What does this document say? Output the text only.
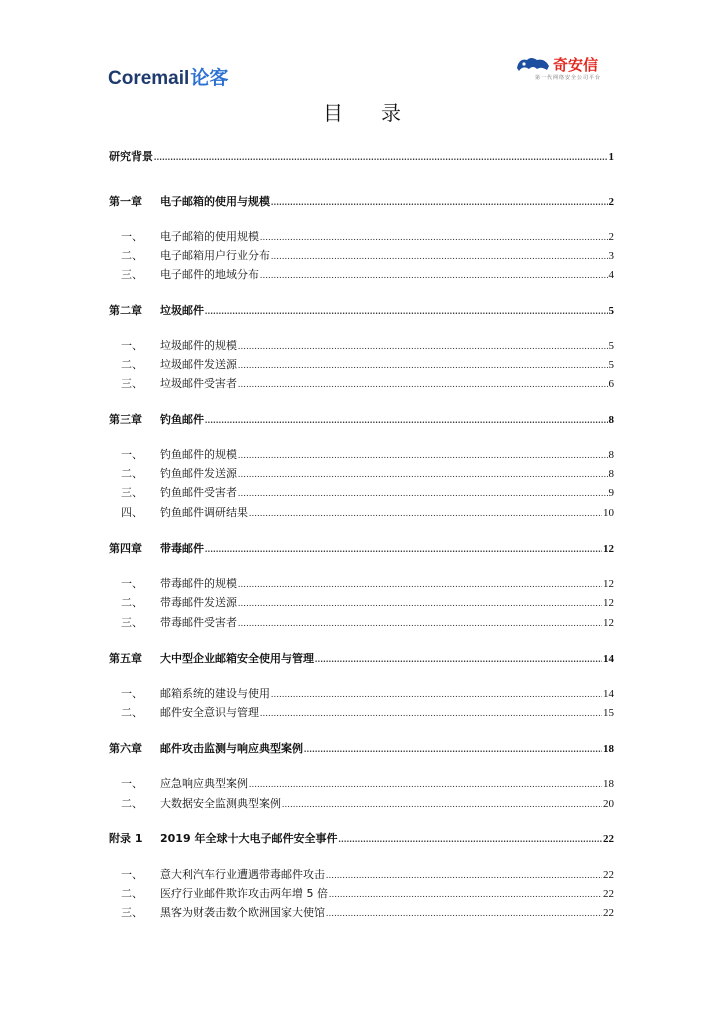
Coremail论客
奇安信
第一代网络安全公司平台
目录
研究背景 .....	1
第一章	电子邮箱的使用与规模 .....	2
一、	电子邮箱的使用规模 .....	2
二、	电子邮箱用户行业分布 .....	3
三、	电子邮件的地域分布 .....	4
第二章	垃圾邮件 .....	5
一、	垃圾邮件的规模 .....	5
二、	垃圾邮件发送源 .....	5
三、	垃圾邮件受害者 .....	6
第三章	钓鱼邮件 .....	8
一、	钓鱼邮件的规模 .....	8
二、	钓鱼邮件发送源 .....	8
三、	钓鱼邮件受害者 .....	9
四、	钓鱼邮件调研结果 .....	10
第四章	带毒邮件 .....	12
一、	带毒邮件的规模 .....	12
二、	带毒邮件发送源 .....	12
三、	带毒邮件受害者 .....	12
第五章	大中型企业邮箱安全使用与管理 .....	14
一、	邮箱系统的建设与使用 .....	14
二、	邮件安全意识与管理 .....	15
第六章	邮件攻击监测与响应典型案例 .....	18
一、	应急响应典型案例 .....	18
二、	大数据安全监测典型案例 .....	20
附录 1	2019 年全球十大电子邮件安全事件 .....	22
一、	意大利汽车行业遭遇带毒邮件攻击 .....	22
二、	医疗行业邮件欺诈攻击两年增 5 倍 .....	22
三、	黑客为财袭击数个欧洲国家大使馆 .....	22
